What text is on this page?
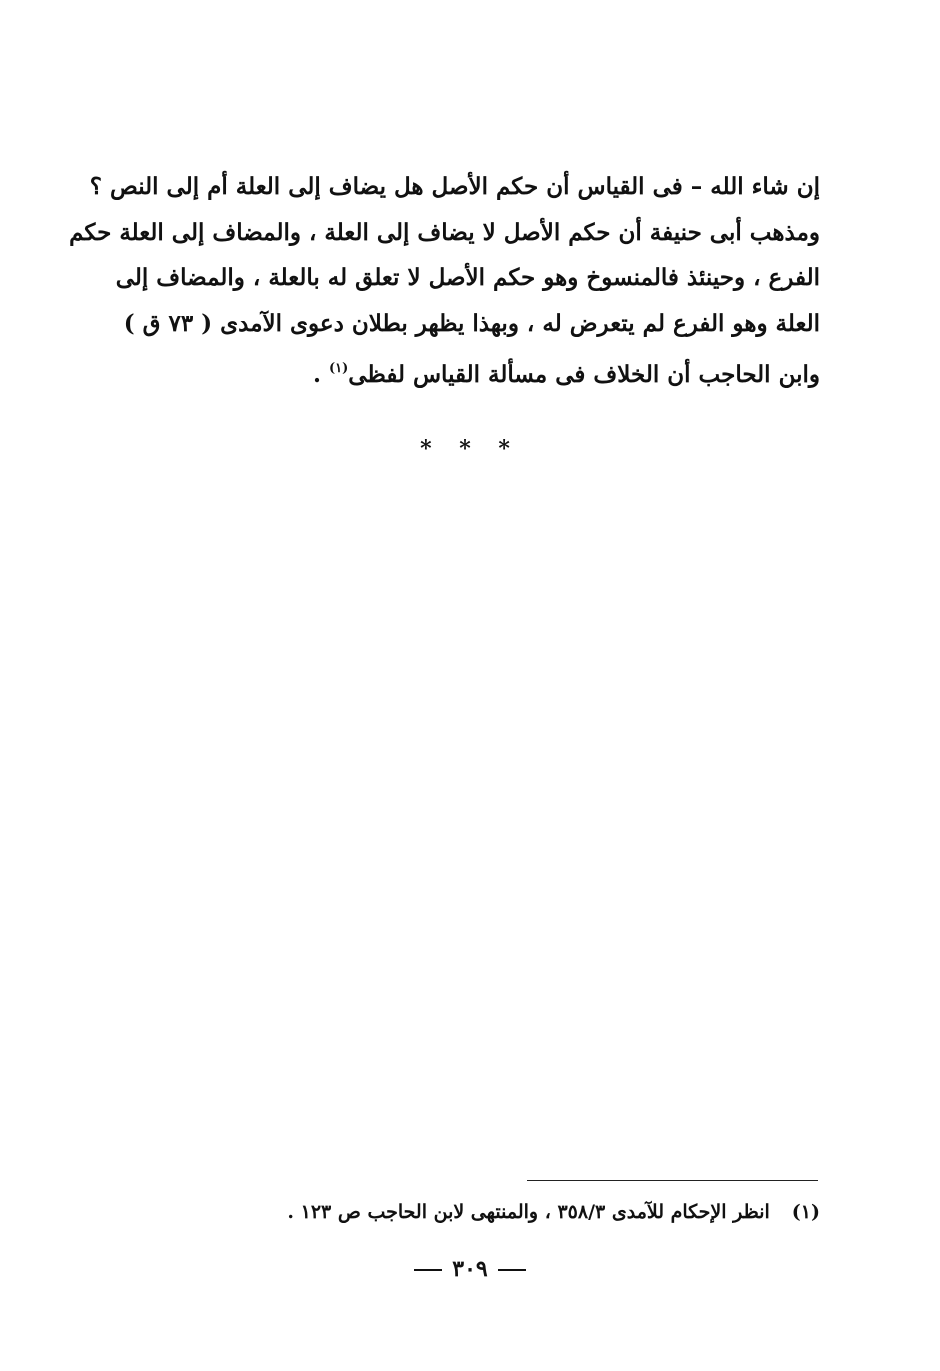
إن شاء الله – فى القياس أن حكم الأصل هل يضاف إلى العلة أم إلى النص ؟
ومذهب أبى حنيفة أن حكم الأصل لا يضاف إلى العلة ، والمضاف إلى العلة حكم
الفرع ، وحينئذ فالمنسوخ وهو حكم الأصل لا تعلق له بالعلة ، والمضاف إلى
العلة وهو الفرع لم يتعرض له ، وبهذا يظهر بطلان دعوى الآمدى ( ٧٣ ق )
وابن الحاجب أن الخلاف فى مسألة القياس لفظى$^{(١)}$ .
* * *
(١)انظر الإحكام للآمدى ٣٥٨/٣ ، والمنتهى لابن الحاجب ص ١٢٣ .
٣٠٩
